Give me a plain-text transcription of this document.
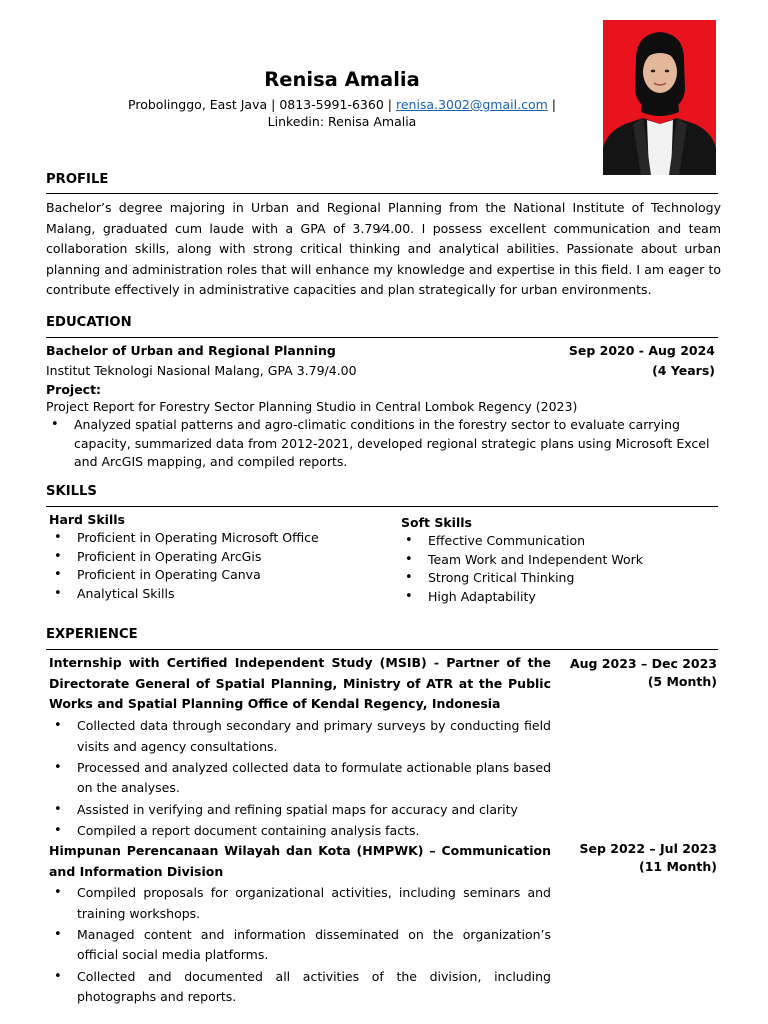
Renisa Amalia
Probolinggo, East Java | 0813-5991-6360 | renisa.3002@gmail.com |
Linkedin: Renisa Amalia
PROFILE
Bachelor’s degree majoring in Urban and Regional Planning from the National Institute of Technology Malang, graduated cum laude with a GPA of 3.79⁄4.00. I possess excellent communication and team collaboration skills, along with strong critical thinking and analytical abilities. Passionate about urban planning and administration roles that will enhance my knowledge and expertise in this field. I am eager to contribute effectively in administrative capacities and plan strategically for urban environments.
EDUCATION
Bachelor of Urban and Regional Planning	Sep 2020 - Aug 2024
Institut Teknologi Nasional Malang, GPA 3.79/4.00	(4 Years)
Project:
Project Report for Forestry Sector Planning Studio in Central Lombok Regency (2023)
• Analyzed spatial patterns and agro-climatic conditions in the forestry sector to evaluate carrying capacity, summarized data from 2012-2021, developed regional strategic plans using Microsoft Excel and ArcGIS mapping, and compiled reports.
SKILLS
Hard Skills
• Proficient in Operating Microsoft Office
• Proficient in Operating ArcGis
• Proficient in Operating Canva
• Analytical Skills
Soft Skills
• Effective Communication
• Team Work and Independent Work
• Strong Critical Thinking
• High Adaptability
EXPERIENCE
Internship with Certified Independent Study (MSIB) - Partner of the Directorate General of Spatial Planning, Ministry of ATR at the Public Works and Spatial Planning Office of Kendal Regency, Indonesia
Aug 2023 – Dec 2023
(5 Month)
• Collected data through secondary and primary surveys by conducting field visits and agency consultations.
• Processed and analyzed collected data to formulate actionable plans based on the analyses.
• Assisted in verifying and refining spatial maps for accuracy and clarity
• Compiled a report document containing analysis facts.
Himpunan Perencanaan Wilayah dan Kota (HMPWK) – Communication and Information Division
Sep 2022 – Jul 2023
(11 Month)
• Compiled proposals for organizational activities, including seminars and training workshops.
• Managed content and information disseminated on the organization’s official social media platforms.
• Collected and documented all activities of the division, including photographs and reports.
